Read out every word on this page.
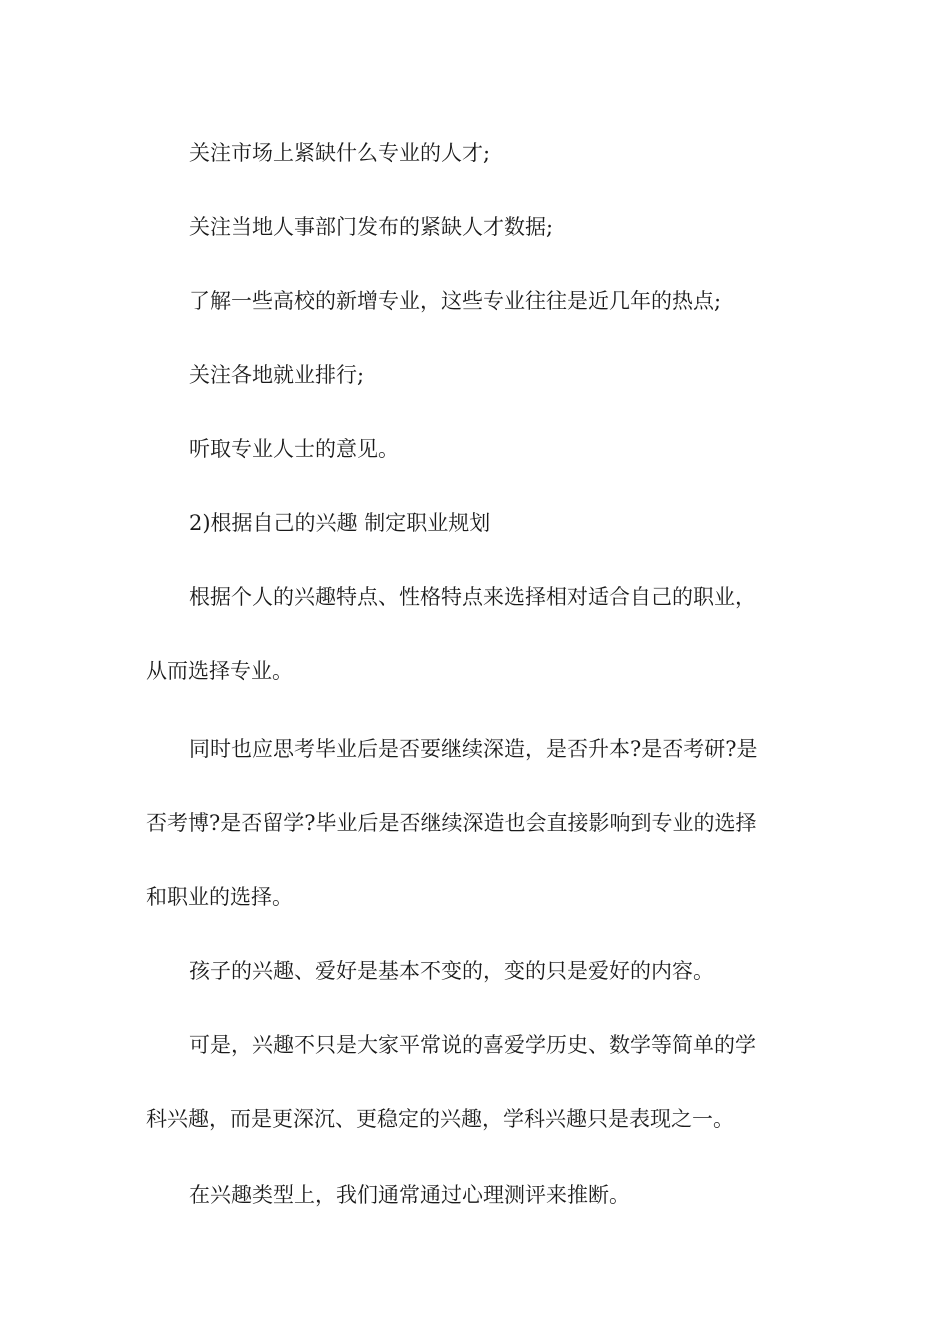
关注市场上紧缺什么专业的人才;
关注当地人事部门发布的紧缺人才数据;
了解一些高校的新增专业，这些专业往往是近几年的热点;
关注各地就业排行;
听取专业人士的意见。
2)根据自己的兴趣 制定职业规划
根据个人的兴趣特点、性格特点来选择相对适合自己的职业，
从而选择专业。
同时也应思考毕业后是否要继续深造，是否升本?是否考研?是
否考博?是否留学?毕业后是否继续深造也会直接影响到专业的选择
和职业的选择。
孩子的兴趣、爱好是基本不变的，变的只是爱好的内容。
可是，兴趣不只是大家平常说的喜爱学历史、数学等简单的学
科兴趣，而是更深沉、更稳定的兴趣，学科兴趣只是表现之一。
在兴趣类型上，我们通常通过心理测评来推断。
